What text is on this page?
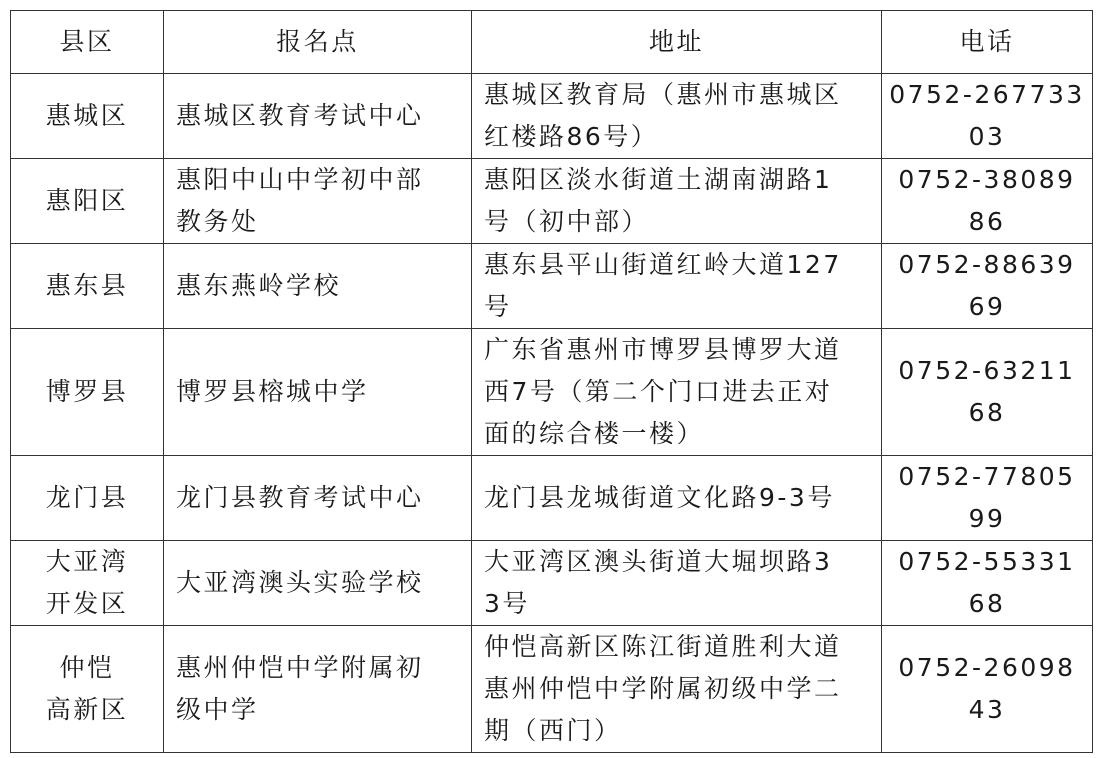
县区	报名点	地址	电话

惠城区	惠城区教育考试中心	惠城区教育局（惠州市惠城区
红楼路86号）	0752-267733
03

惠阳区	惠阳中山中学初中部
教务处	惠阳区淡水街道土湖南湖路1
号（初中部）	0752-38089
86

惠东县	惠东燕岭学校	惠东县平山街道红岭大道127
号	0752-88639
69

博罗县	博罗县榕城中学	广东省惠州市博罗县博罗大道
西7号（第二个门口进去正对
面的综合楼一楼）	0752-63211
68

龙门县	龙门县教育考试中心	龙门县龙城街道文化路9-3号	0752-77805
99

大亚湾
开发区	大亚湾澳头实验学校	大亚湾区澳头街道大堀坝路3
3号	0752-55331
68

仲恺
高新区	惠州仲恺中学附属初
级中学	仲恺高新区陈江街道胜利大道
惠州仲恺中学附属初级中学二
期（西门）	0752-26098
43
